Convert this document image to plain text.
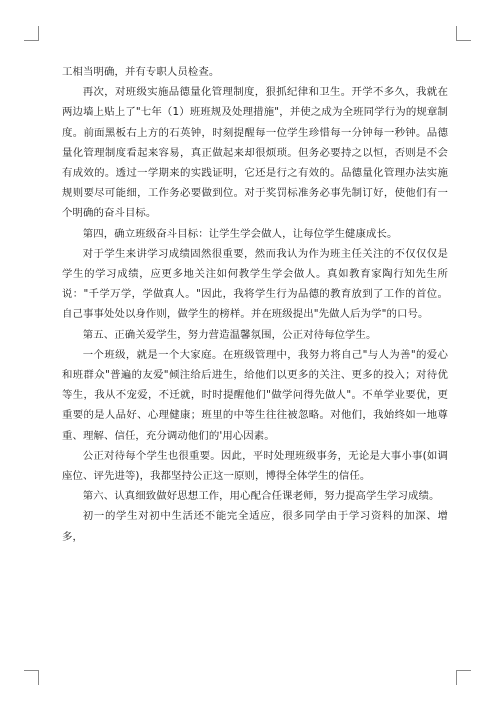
工相当明确，并有专职人员检查。

再次，对班级实施品德量化管理制度，狠抓纪律和卫生。开学不多久，我就在两边墙上贴上了"七年（1）班班规及处理措施"，并使之成为全班同学行为的规章制度。前面黑板右上方的石英钟，时刻提醒每一位学生珍惜每一分钟每一秒钟。品德量化管理制度看起来容易，真正做起来却很烦琐。但务必要持之以恒，否则是不会有成效的。透过一学期来的实践证明，它还是行之有效的。品德量化管理办法实施规则要尽可能细，工作务必要做到位。对于奖罚标准务必事先制订好，使他们有一个明确的奋斗目标。

第四，确立班级奋斗目标：让学生学会做人，让每位学生健康成长。

对于学生来讲学习成绩固然很重要，然而我认为作为班主任关注的不仅仅仅是学生的学习成绩，应更多地关注如何教学生学会做人。真如教育家陶行知先生所说："千学万学，学做真人。"因此，我将学生行为品德的教育放到了工作的首位。自己事事处处以身作则，做学生的榜样。并在班级提出"先做人后为学"的口号。

第五、正确关爱学生，努力营造温馨氛围，公正对待每位学生。

一个班级，就是一个大家庭。在班级管理中，我努力将自己"与人为善"的爱心和班群众"普遍的友爱"倾注给后进生，给他们以更多的关注、更多的投入；对待优等生，我从不宠爱，不迁就，时时提醒他们"做学问得先做人"。不单学业要优，更重要的是人品好、心理健康；班里的中等生往往被忽略。对他们，我始终如一地尊重、理解、信任，充分调动他们的'用心因素。

公正对待每个学生也很重要。因此，平时处理班级事务，无论是大事小事(如调座位、评先进等)，我都坚持公正这一原则，博得全体学生的信任。

第六、认真细致做好思想工作，用心配合任课老师，努力提高学生学习成绩。

初一的学生对初中生活还不能完全适应，很多同学由于学习资料的加深、增多，
